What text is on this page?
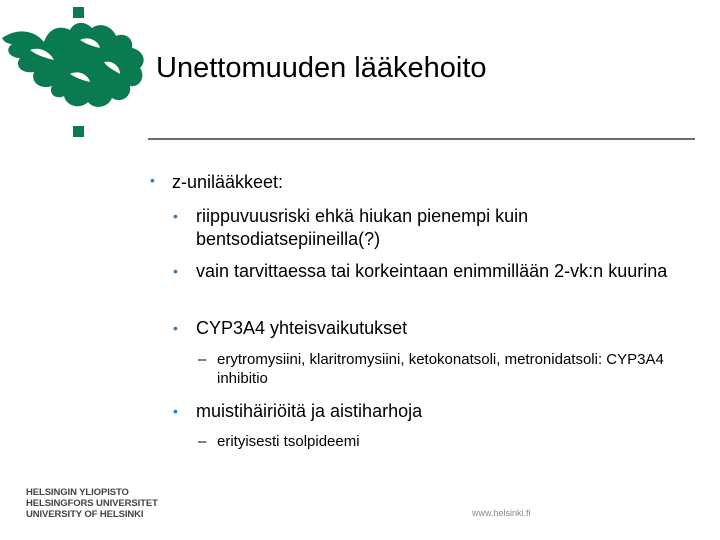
Unettomuuden lääkehoito
• z-unilääkkeet:
• riippuvuusriski ehkä hiukan pienempi kuin bentsodiatsepiineilla(?)
• vain tarvittaessa tai korkeintaan enimmillään 2-vk:n kuurina
• CYP3A4 yhteisvaikutukset
– erytromysiini, klaritromysiini, ketokonatsoli, metronidatsoli: CYP3A4 inhibitio
• muistihäiriöitä ja aistiharhoja
– erityisesti tsolpideemi
HELSINGIN YLIOPISTO
HELSINGFORS UNIVERSITET
UNIVERSITY OF HELSINKI	www.helsinki.fi
